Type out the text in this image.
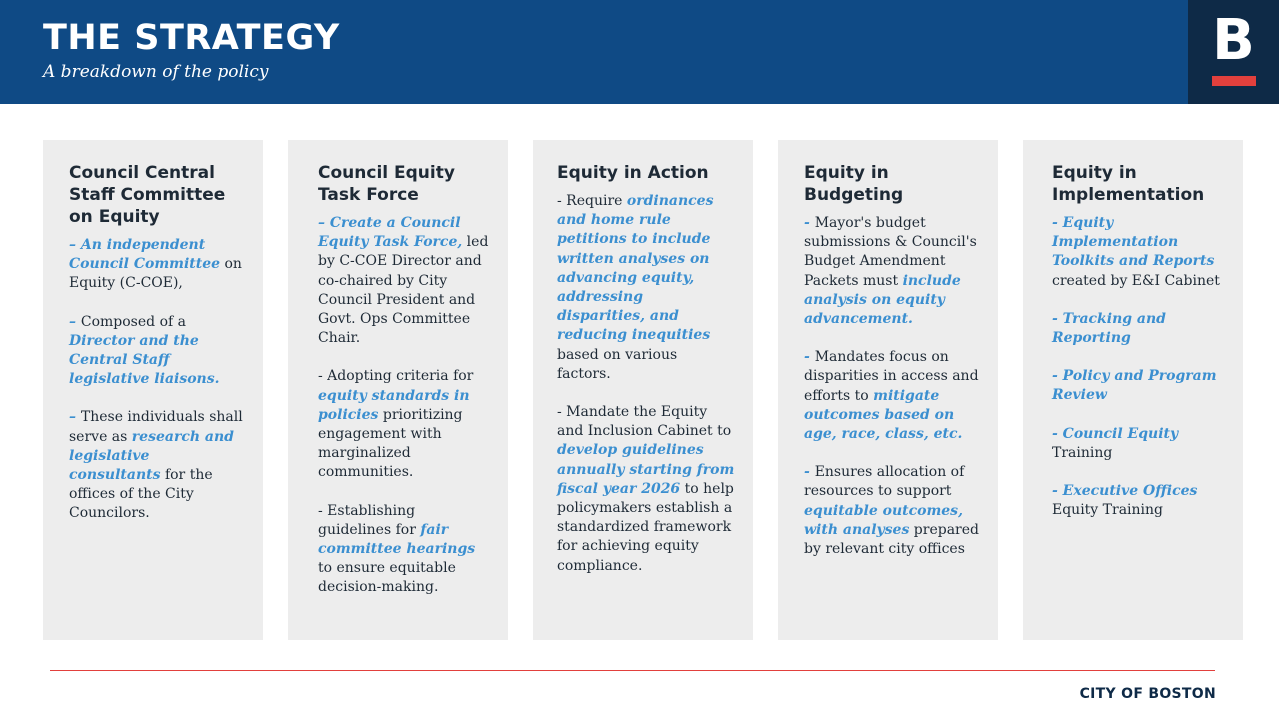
THE STRATEGY
A breakdown of the policy	B
Council Central Staff Committee on Equity

– An independent Council Committee on Equity (C-COE),

– Composed of a Director and the Central Staff legislative liaisons.

– These individuals shall serve as research and legislative consultants for the offices of the City Councilors.

Council Equity Task Force

– Create a Council Equity Task Force, led by C-COE Director and co-chaired by City Council President and Govt. Ops Committee Chair.

- Adopting criteria for equity standards in policies prioritizing engagement with marginalized communities.

- Establishing guidelines for fair committee hearings to ensure equitable decision-making.

Equity in Action

- Require ordinances and home rule petitions to include written analyses on advancing equity, addressing disparities, and reducing inequities based on various factors.

- Mandate the Equity and Inclusion Cabinet to develop guidelines annually starting from fiscal year 2026 to help policymakers establish a standardized framework for achieving equity compliance.

Equity in Budgeting

- Mayor's budget submissions & Council's Budget Amendment Packets must include analysis on equity advancement.

- Mandates focus on disparities in access and efforts to mitigate outcomes based on age, race, class, etc.

- Ensures allocation of resources to support equitable outcomes, with analyses prepared by relevant city offices

Equity in Implementation

- Equity Implementation Toolkits and Reports created by E&I Cabinet

- Tracking and Reporting

- Policy and Program Review

- Council Equity
Training

- Executive Offices
Equity Training

CITY OF BOSTON
